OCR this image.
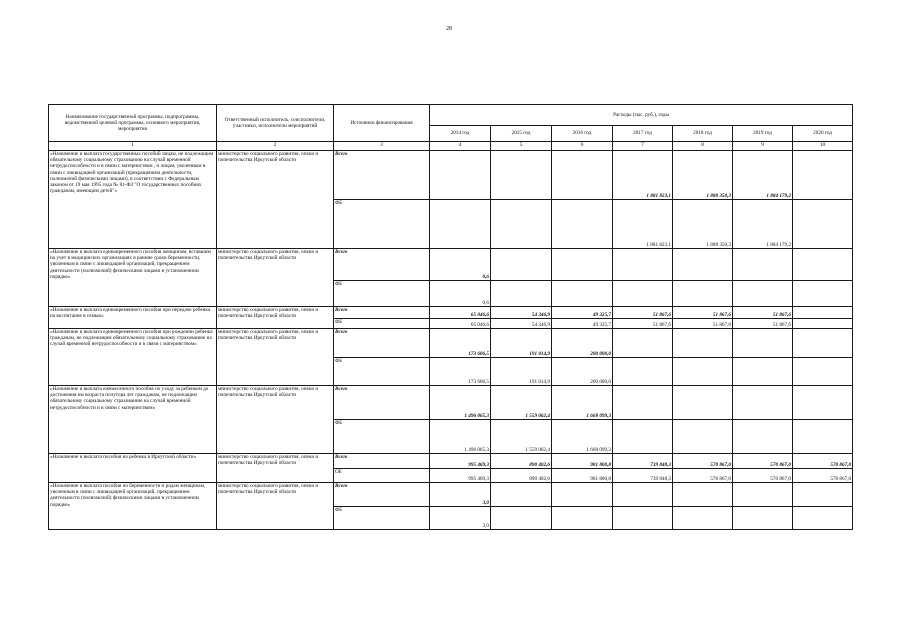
28
Наименование государственной программы, подпрограммы, ведомственной целевой программы, основного мероприятия, мероприятия	Ответственный исполнитель, соисполнители, участники, исполнители мероприятий	Источники финансирования	Расходы (тыс. руб.), годы						
			2014 год	2015 год	2016 год	2017 год	2018 год	2019 год	2020 год
1	2	3	4	5	6	7	8	9	10
«Назначение и выплата государственных пособий лицам, не подлежащим обязательному социальному страхованию на случай временной нетрудоспособности и в связи с материнством , и лицам, уволенным в связи с ликвидацией организаций (прекращением деятельности, полномочий физическими лицами), в соответствии с Федеральным законом от 19 мая 1995 года № 81-ФЗ "О государственных пособиях гражданам, имеющим детей"»	министерство социального развития, опеки и попечительства Иркутской области	Всего				1 881 823,1	1 888 350,3	1 884 179,2	
		ФБ				1 881 823,1	1 888 350,3	1 884 179,2	
«Назначение и выплата единовременного пособия женщинам, вставшим на учет в медицинских организациях в ранние сроки беременности, уволенным в связи с ликвидацией организаций, прекращением деятельности (полномочий) физическими лицами в установленном порядке»	министерство социального развития, опеки и попечительства Иркутской области	Всего	0,6						
		ФБ	0,6						
«Назначение и выплата единовременного пособия при передаче ребенка на воспитание в семью»	министерство социального развития, опеки и попечительства Иркутской области	Всего	65 046,6	54 346,9	49 325,7	51 867,6	51 867,6	51 867,6	
		ФБ	65 046,6	54 346,9	49 325,7	51 867,6	51 867,6	51 867,6	
«Назначение и выплата единовременного пособия при рождении ребенка гражданам, не подлежащим обязательному социальному страхованию на случай временной нетрудоспособности и в связи с материнством»	министерство социального развития, опеки и попечительства Иркутской области	Всего	173 606,5	191 014,9	200 000,0				
		ФБ	173 606,5	191 014,9	200 000,0				
«Назначение и выплата ежемесячного пособия по уходу за ребенком до достижения им возраста полутора лет гражданам, не подлежащим обязательному социальному страхованию на случай временной нетрудоспособности и в связи с материнством»	министерство социального развития, опеки и попечительства Иркутской области	Всего	1 496 065,3	1 559 062,4	1 668 099,3				
		ФБ	1 496 065,3	1 559 062,4	1 668 099,3				
«Назначение и выплата пособия на ребенка в Иркутской области»	министерство социального развития, опеки и попечительства Иркутской области	Всего	995 469,3	890 402,6	901 800,8	739 848,3	570 867,0	570 867,0	570 867,0
		ОБ	995 469,3	890 402,6	901 800,8	739 848,3	570 867,0	570 867,0	570 867,0
«Назначение и выплата пособия по беременности и родам женщинам, уволенным в связи с ликвидацией организаций, прекращением деятельности (полномочий) физическими лицами в установленном порядке»	министерство социального развития, опеки и попечительства Иркутской области	Всего	3,0						
		ФБ	3,0						
